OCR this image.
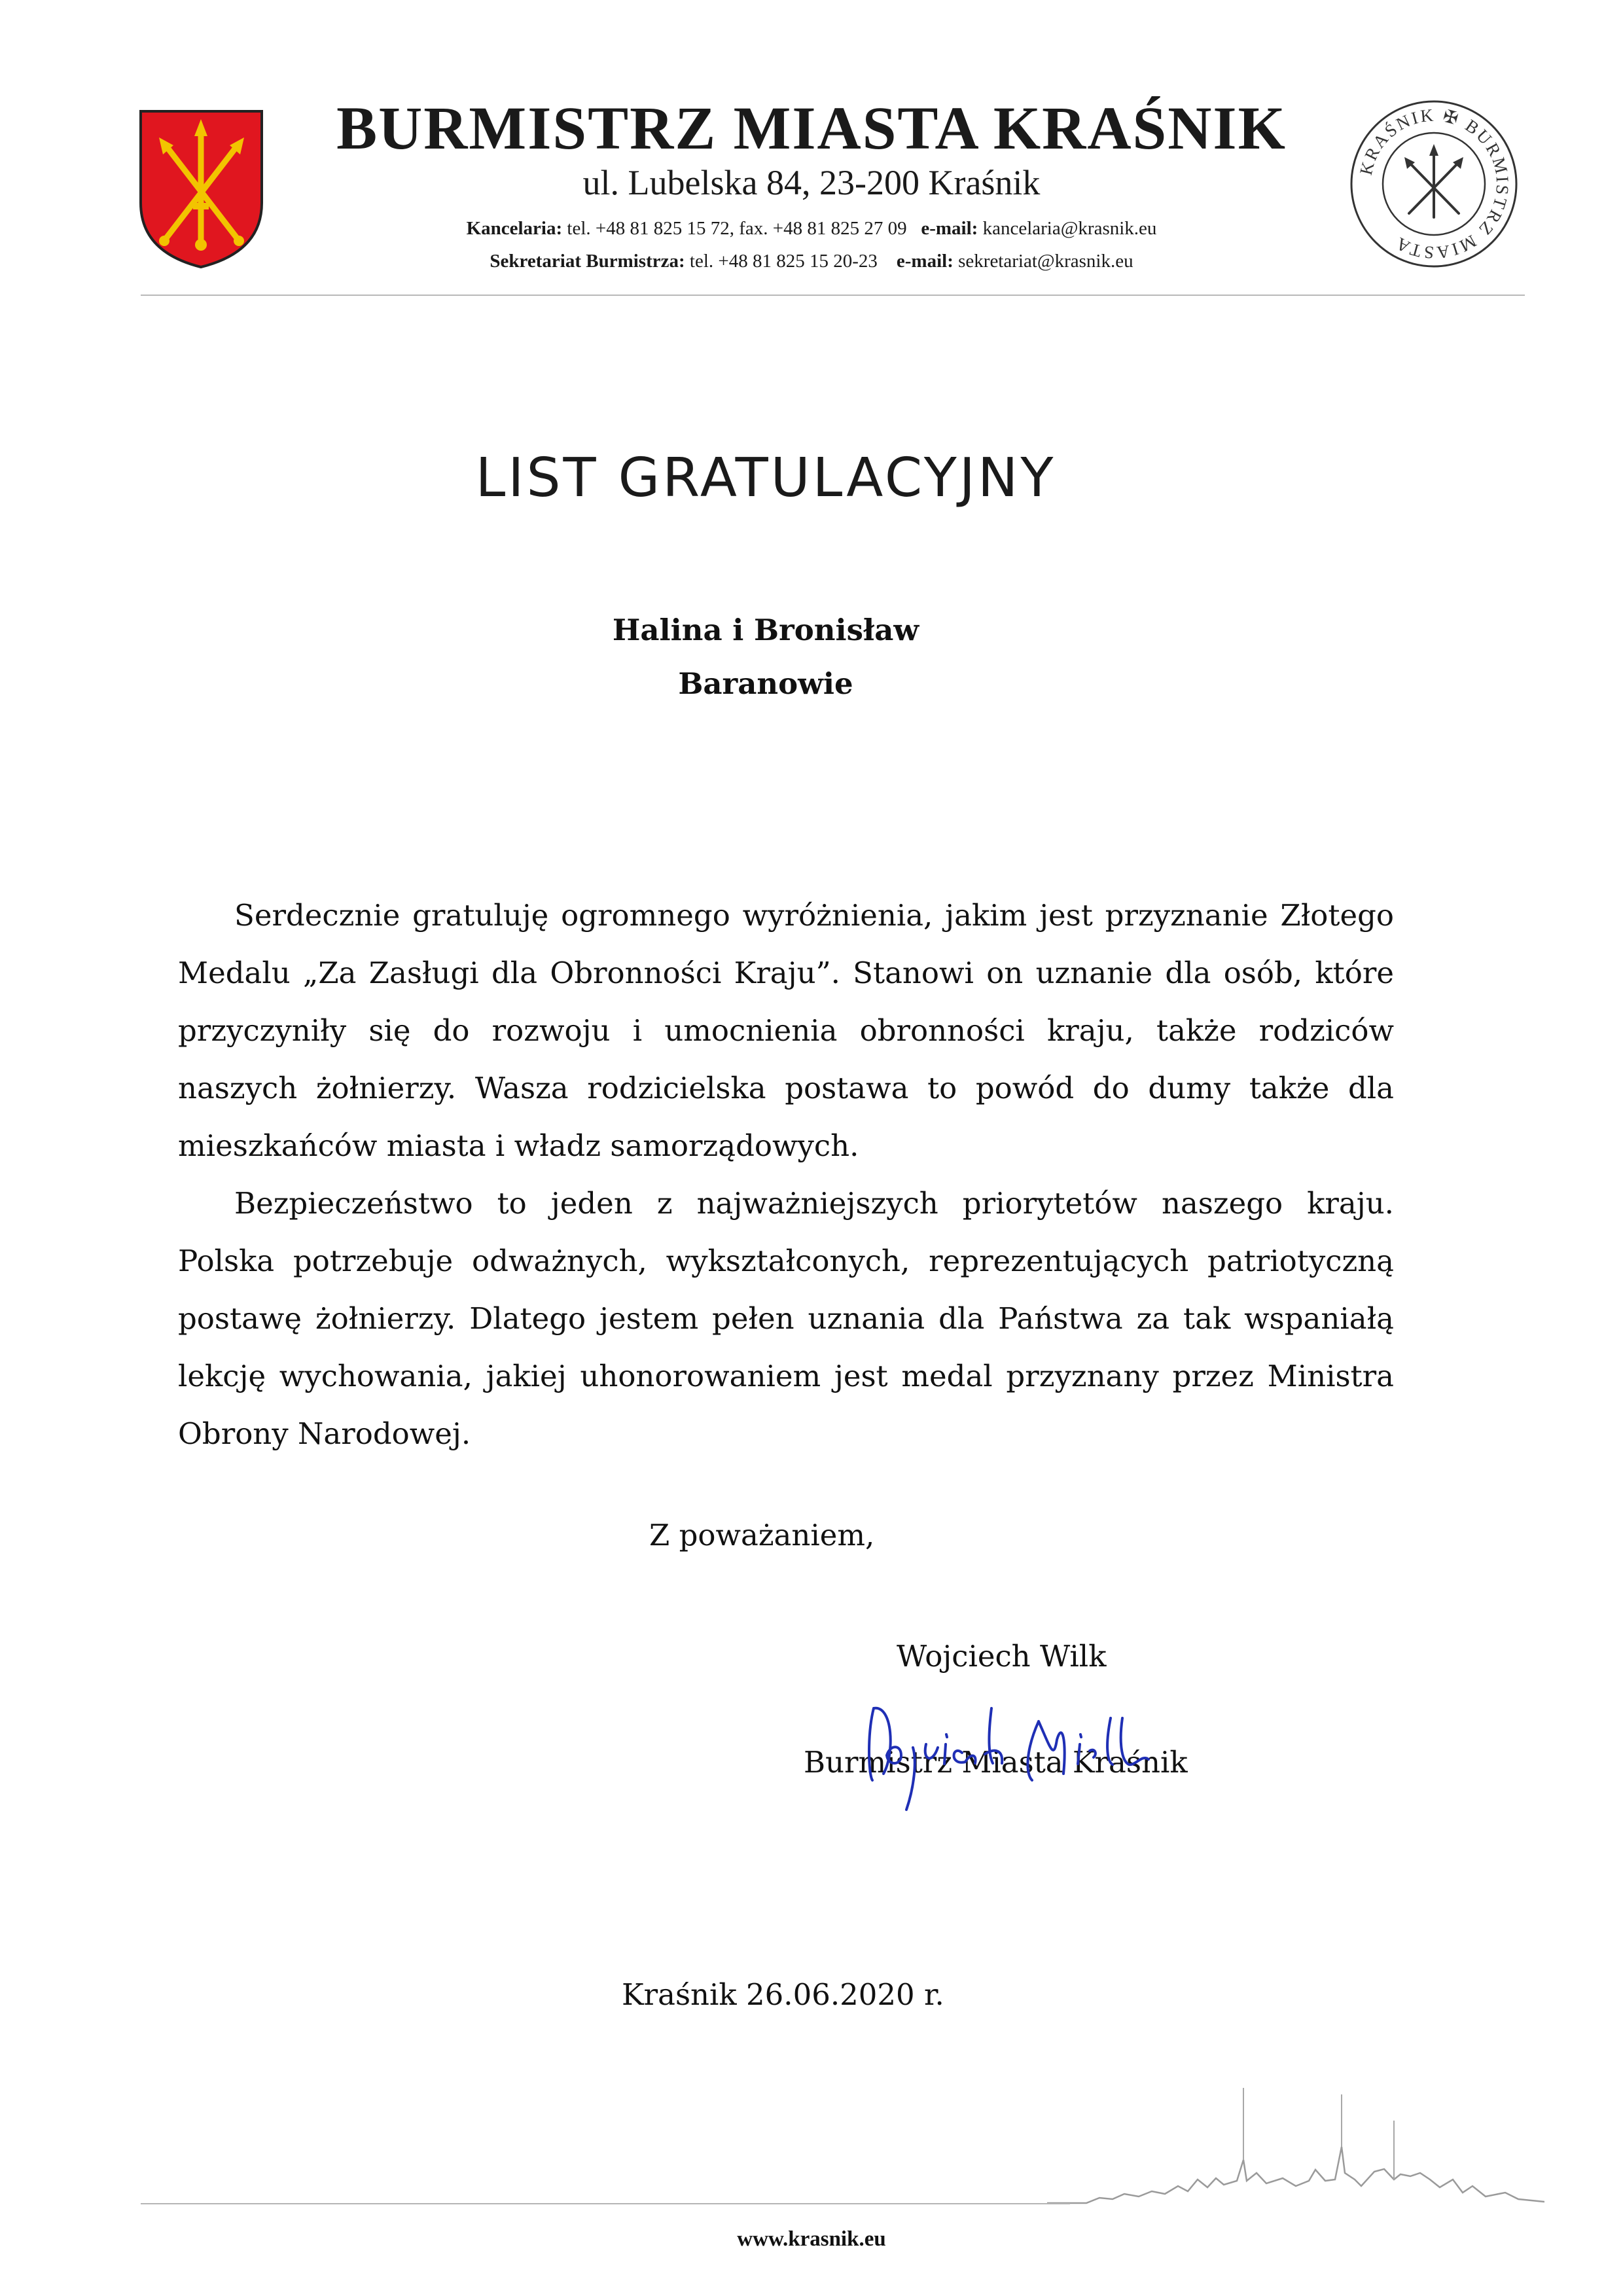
BURMISTRZ MIASTA KRAŚNIK
ul. Lubelska 84, 23-200 Kraśnik
Kancelaria: tel. +48 81 825 15 72, fax. +48 81 825 27 09 e-mail: kancelaria@krasnik.eu
Sekretariat Burmistrza: tel. +48 81 825 15 20-23 e-mail: sekretariat@krasnik.eu
KRAŚNIK ✠ BURMISTRZ MIASTA
LIST GRATULACYJNY
Halina i Bronisław
Baranowie

Serdecznie gratuluję ogromnego wyróżnienia, jakim jest przyznanie Złotego Medalu „Za Zasługi dla Obronności Kraju”. Stanowi on uznanie dla osób, które przyczyniły się do rozwoju i umocnienia obronności kraju, także rodziców naszych żołnierzy. Wasza rodzicielska postawa to powód do dumy także dla mieszkańców miasta i władz samorządowych.

Bezpieczeństwo to jeden z najważniejszych priorytetów naszego kraju. Polska potrzebuje odważnych, wykształconych, reprezentujących patriotyczną postawę żołnierzy. Dlatego jestem pełen uznania dla Państwa za tak wspaniałą lekcję wychowania, jakiej uhonorowaniem jest medal przyznany przez Ministra Obrony Narodowej.

Z poważaniem,
Wojciech Wilk
Burmistrz Miasta Kraśnik
Kraśnik 26.06.2020 r.
www.krasnik.eu
